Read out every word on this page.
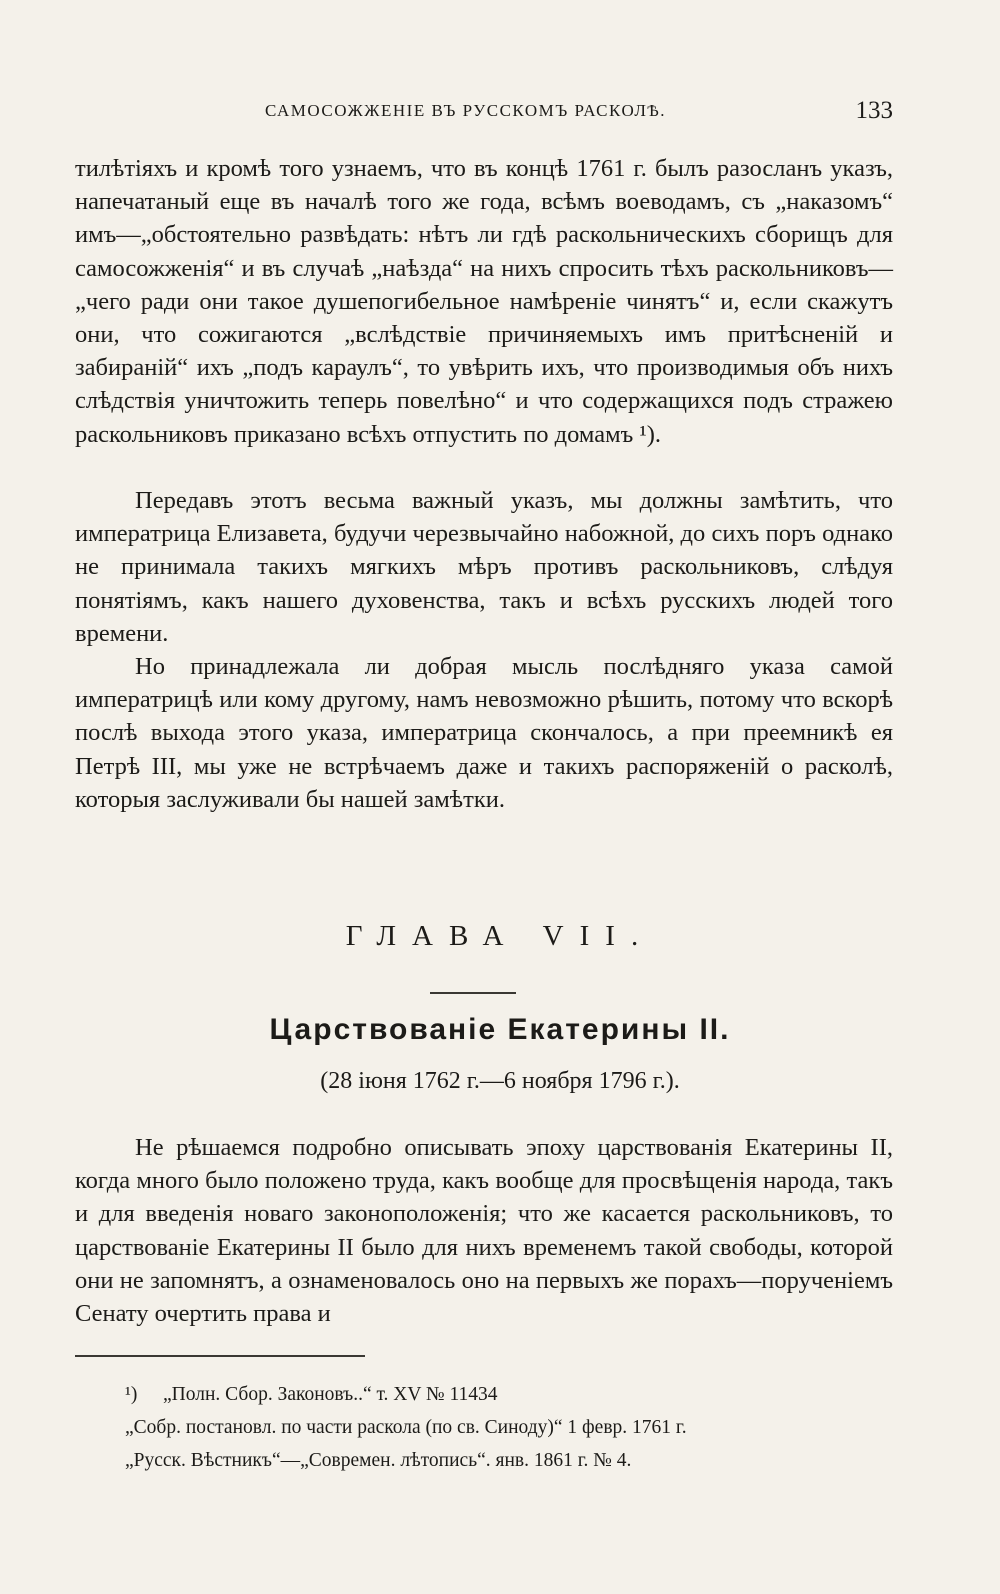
САМОСОЖЖЕНІЕ ВЪ РУССКОМЪ РАСКОЛѢ.	133

тилѣтіяхъ и кромѣ того узнаемъ, что въ концѣ 1761 г. былъ разосланъ указъ, напечатаный еще въ началѣ того же года, всѣмъ воеводамъ, съ „наказомъ“ имъ—„обстоятельно развѣдать: нѣтъ ли гдѣ раскольническихъ сборищъ для самосожженія“ и въ случаѣ „наѣзда“ на нихъ спросить тѣхъ раскольниковъ—„чего ради они такое душепогибельное намѣреніе чинятъ“ и, если скажутъ они, что сожигаются „вслѣдствіе причиняемыхъ имъ притѣсненій и забираній“ ихъ „подъ караулъ“, то увѣрить ихъ, что производимыя объ нихъ слѣдствія уничтожить теперь повелѣно“ и что содержащихся подъ стражею раскольниковъ приказано всѣхъ отпустить по домамъ ¹).

Передавъ этотъ весьма важный указъ, мы должны замѣтить, что императрица Елизавета, будучи черезвычайно набожной, до сихъ поръ однако не принимала такихъ мягкихъ мѣръ противъ раскольниковъ, слѣдуя понятіямъ, какъ нашего духовенства, такъ и всѣхъ русскихъ людей того времени.

Но принадлежала ли добрая мысль послѣдняго указа самой императрицѣ или кому другому, намъ невозможно рѣшить, потому что вскорѣ послѣ выхода этого указа, императрица скончалось, а при преемникѣ ея Петрѣ III, мы уже не встрѣчаемъ даже и такихъ распоряженій о расколѣ, которыя заслуживали бы нашей замѣтки.

ГЛАВА VII.
Царствованіе Екатерины II.
(28 іюня 1762 г.—6 ноября 1796 г.).

Не рѣшаемся подробно описывать эпоху царствованія Екатерины II, когда много было положено труда, какъ вообще для просвѣщенія народа, такъ и для введенія новаго законоположенія; что же касается раскольниковъ, то царствованіе Екатерины II было для нихъ временемъ такой свободы, которой они не запомнятъ, а ознаменовалось оно на первыхъ же порахъ—порученіемъ Сенату очертить права и

¹) „Полн. Сбор. Законовъ..“ т. XV № 11434
„Собр. постановл. по части раскола (по св. Синоду)“ 1 февр. 1761 г.
„Русск. Вѣстникъ“—„Современ. лѣтопись“. янв. 1861 г. № 4.
